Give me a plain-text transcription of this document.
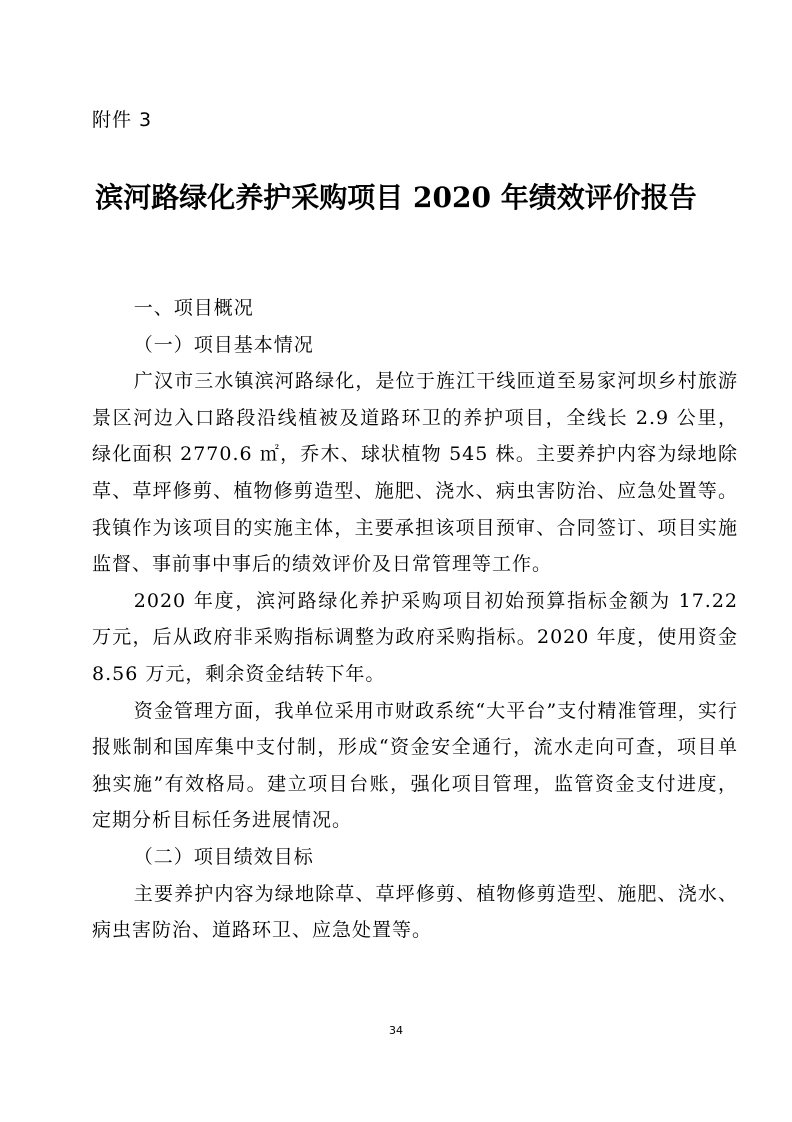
附件 3
滨河路绿化养护采购项目 2020 年绩效评价报告

一、项目概况

（一）项目基本情况

广汉市三水镇滨河路绿化，是位于旌江干线匝道至易家河坝乡村旅游景区河边入口路段沿线植被及道路环卫的养护项目，全线长 2.9 公里，绿化面积 2770.6 ㎡，乔木、球状植物 545 株。主要养护内容为绿地除草、草坪修剪、植物修剪造型、施肥、浇水、病虫害防治、应急处置等。我镇作为该项目的实施主体，主要承担该项目预审、合同签订、项目实施监督、事前事中事后的绩效评价及日常管理等工作。

2020 年度，滨河路绿化养护采购项目初始预算指标金额为 17.22 万元，后从政府非采购指标调整为政府采购指标。2020 年度，使用资金 8.56 万元，剩余资金结转下年。

资金管理方面，我单位采用市财政系统“大平台”支付精准管理，实行报账制和国库集中支付制，形成“资金安全通行，流水走向可查，项目单独实施”有效格局。建立项目台账，强化项目管理，监管资金支付进度，定期分析目标任务进展情况。

（二）项目绩效目标

主要养护内容为绿地除草、草坪修剪、植物修剪造型、施肥、浇水、病虫害防治、道路环卫、应急处置等。

34
